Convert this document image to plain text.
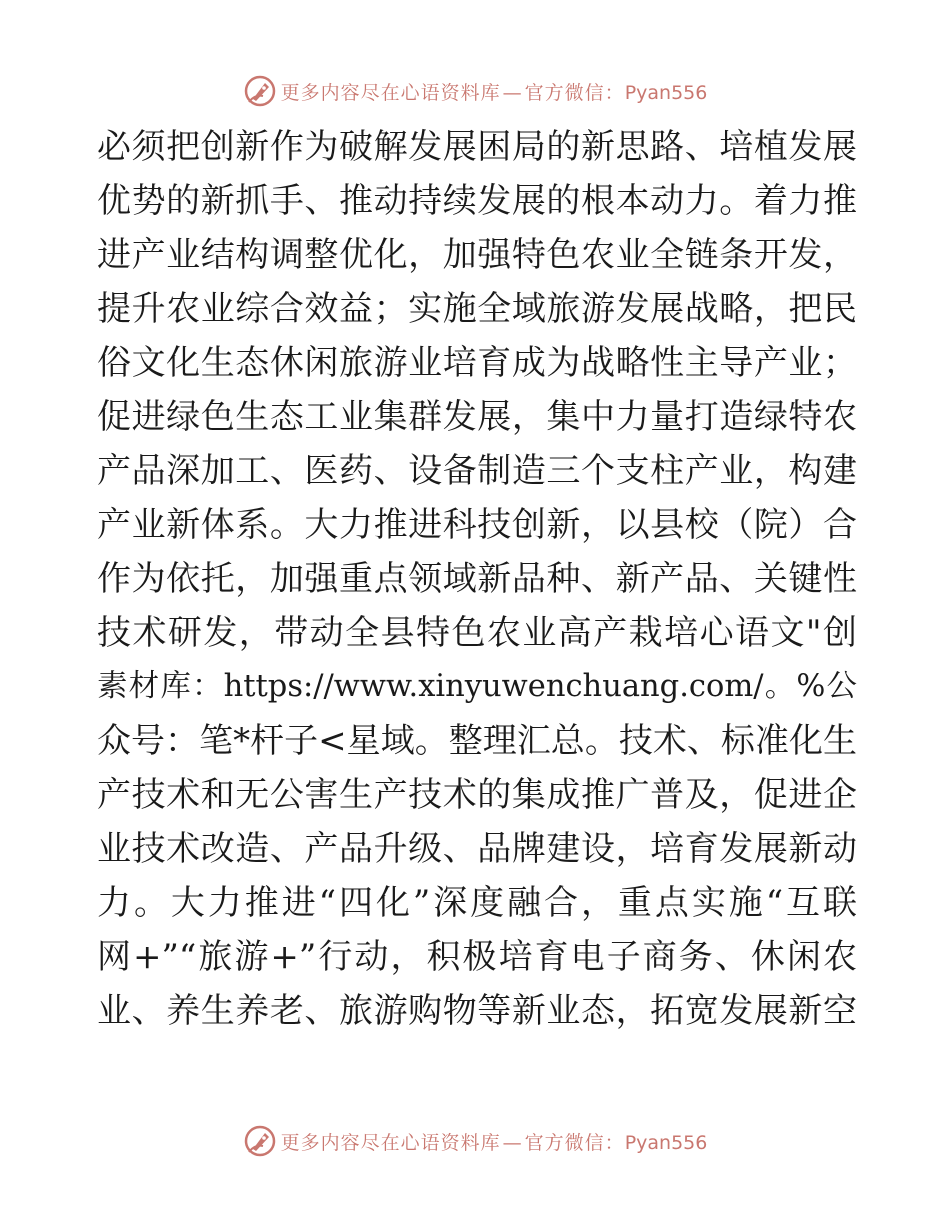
更多内容尽在心语资料库 — 官方微信：Pyan556
必须把创新作为破解发展困局的新思路、培植发展
优势的新抓手、推动持续发展的根本动力。着力推
进产业结构调整优化，加强特色农业全链条开发，
提升农业综合效益；实施全域旅游发展战略，把民
俗文化生态休闲旅游业培育成为战略性主导产业；
促进绿色生态工业集群发展，集中力量打造绿特农
产品深加工、医药、设备制造三个支柱产业，构建
产业新体系。大力推进科技创新，以县校（院）合
作为依托，加强重点领域新品种、新产品、关键性
技术研发，带动全县特色农业高产栽培心语文"创
素材库：https://www.xinyuwenchuang.com/。%公
众号：笔*杆子<星域。整理汇总。技术、标准化生
产技术和无公害生产技术的集成推广普及，促进企
业技术改造、产品升级、品牌建设，培育发展新动
力。大力推进“四化”深度融合，重点实施“互联
网+”“旅游+”行动，积极培育电子商务、休闲农
业、养生养老、旅游购物等新业态，拓宽发展新空
更多内容尽在心语资料库 — 官方微信：Pyan556
